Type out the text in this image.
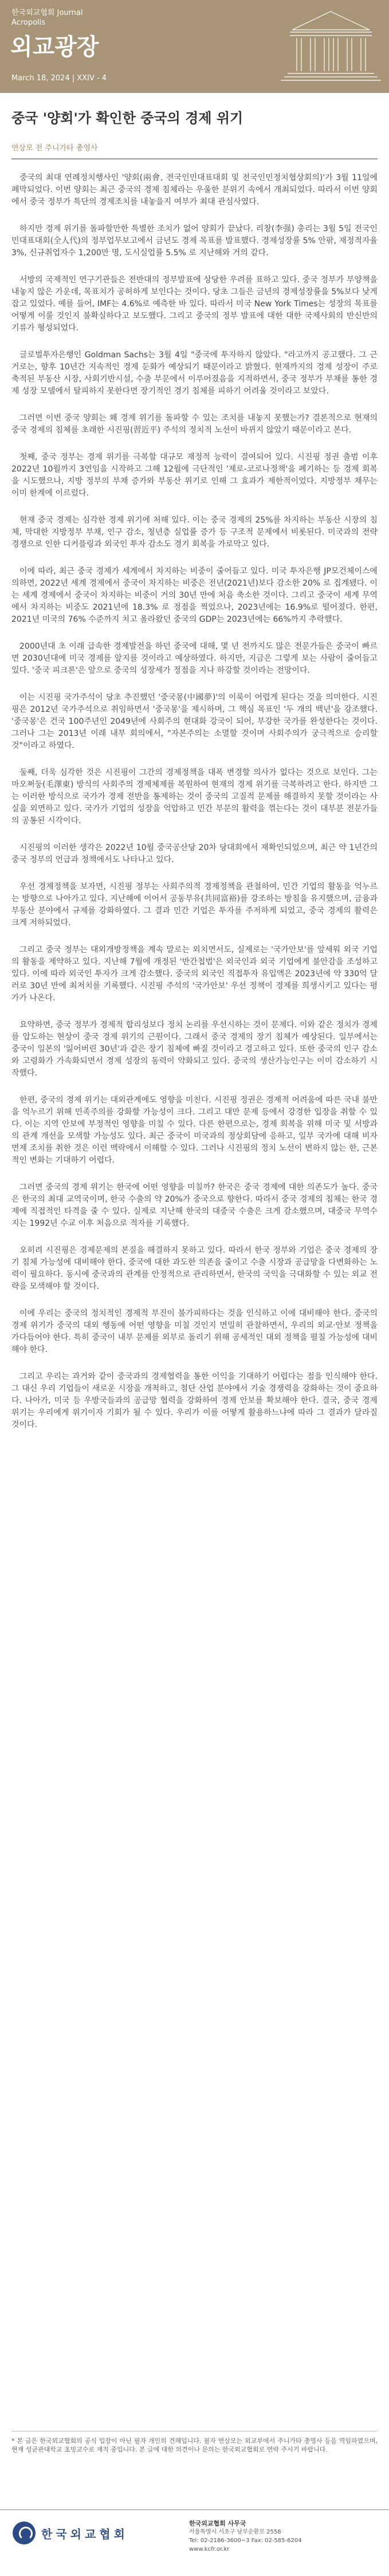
한국외교협회 Journal
Acropolis
외교광장
March 18, 2024 | XXIV - 4
중국 '양회'가 확인한 중국의 경제 위기
연상모 전 주니가타 총영사

중국의 최대 연례정치행사인 '양회(兩會, 전국인민대표대회 및 전국인민정치협상회의)'가 3월 11일에 폐막되었다. 이번 양회는 최근 중국의 경제 침체라는 우울한 분위기 속에서 개최되었다. 따라서 이번 양회에서 중국 정부가 특단의 경제조치를 내놓을지 여부가 최대 관심사였다.

하지만 경제 위기를 돌파할만한 특별한 조치가 없어 양회가 끝났다. 리창(李强) 총리는 3월 5일 전국인민대표대회(全人代)의 정부업무보고에서 금년도 경제 목표를 발표했다. 경제성장률 5% 안팎, 재정적자율 3%, 신규취업자수 1,200만 명, 도시실업률 5.5% 로 지난해와 거의 같다.

서방의 국제적인 연구기관들은 전반대의 정부발표에 상당한 우려를 표하고 있다. 중국 정부가 부양책을 내놓지 않은 가운데, 목표치가 공허하게 보인다는 것이다. 당초 그들은 금년의 경제성장률을 5%보다 낮게 잡고 있었다. 예를 들어, IMF는 4.6%로 예측한 바 있다. 따라서 미국 New York Times는 성장의 목표를 어떻게 이룰 것인지 불확실하다고 보도했다. 그리고 중국의 정부 발표에 대한 대한 국제사회의 반신반의 기류가 형성되었다.

글로벌투자은행인 Goldman Sachs는 3월 4일 "중국에 투자하지 않았다. "라고까지 공고했다. 그 근거로는, 향후 10년간 지속적인 경제 둔화가 예상되기 때문이라고 밝혔다. 현재까지의 경제 성장이 주로 축적된 부동산 시장, 사회기반시설, 수출 부문에서 이루어졌음을 지적하면서, 중국 정부가 부채를 통한 경제 성장 모델에서 탈피하지 못한다면 장기적인 경기 침체를 피하기 어려울 것이라고 보았다.

그러면 이번 중국 양회는 왜 경제 위기를 돌파할 수 있는 조치를 내놓지 못했는가? 결론적으로 현재의 중국 경제의 침체를 초래한 시진핑(習近平) 주석의 정치적 노선이 바뀌지 않았기 때문이라고 본다.

첫째, 중국 정부는 경제 위기를 극복할 대규모 재정적 능력이 결여되어 있다. 시진핑 정권 출범 이후 2022년 10월까지 3연임을 시작하고 그해 12월에 극단적인 '제로-코로나정책'을 폐기하는 등 경제 회복을 시도했으나, 지방 정부의 부채 증가와 부동산 위기로 인해 그 효과가 제한적이었다. 지방정부 채무는 이미 한계에 이르렀다.

현재 중국 경제는 심각한 경제 위기에 처해 있다. 이는 중국 경제의 25%를 차지하는 부동산 시장의 침체, 막대한 지방정부 부채, 인구 감소, 청년층 실업률 증가 등 구조적 문제에서 비롯된다. 미국과의 전략 경쟁으로 인한 디커플링과 외국인 투자 감소도 경기 회복을 가로막고 있다.

이에 따라, 최근 중국 경제가 세계에서 차지하는 비중이 줄어들고 있다. 미국 투자은행 JP모건체이스에 의하면, 2022년 세계 경제에서 중국이 차지하는 비중은 전년(2021년)보다 감소한 20% 로 집계됐다. 이는 세계 경제에서 중국이 차지하는 비중이 거의 30년 만에 처음 축소한 것이다. 그리고 중국이 세계 무역에서 차지하는 비중도 2021년에 18.3% 로 정점을 찍었으나, 2023년에는 16.9%로 떨어졌다. 한편, 2021년 미국의 76% 수준까지 치고 올라왔던 중국의 GDP는 2023년에는 66%까지 추락했다.

2000년대 초 이래 급속한 경제발전을 하던 중국에 대해, 몇 년 전까지도 많은 전문가들은 중국이 빠르면 2030년대에 미국 경제를 앞지를 것이라고 예상하였다. 하지만, 지금은 그렇게 보는 사람이 줄어들고 있다. '중국 피크론'은 앞으로 중국의 성장세가 정점을 지나 하강할 것이라는 전망이다.

이는 시진핑 국가주석이 당초 추진했던 '중국몽(中國夢)'의 이룩이 어렵게 된다는 것을 의미한다. 시진핑은 2012년 국가주석으로 취임하면서 '중국몽'을 제시하며, 그 핵심 목표인 '두 개의 백년'을 강조했다. '중국몽'은 건국 100주년인 2049년에 사회주의 현대화 강국이 되어, 부강한 국가를 완성한다는 것이다. 그러나 그는 2013년 이래 내부 회의에서, "자본주의는 소멸할 것이며 사회주의가 궁극적으로 승리할 것"이라고 하였다.

둘째, 더욱 심각한 것은 시진핑이 그간의 경제정책을 대폭 변경할 의사가 없다는 것으로 보인다. 그는 마오쩌둥(毛澤東) 방식의 사회주의 경제체제를 복원하여 현재의 경제 위기를 극복하려고 한다. 하지만 그는 이러한 방식으로 국가가 경제 전반을 통제하는 것이 중국의 고질적 문제를 해결하지 못할 것이라는 사실을 외면하고 있다. 국가가 기업의 성장을 억압하고 민간 부문의 활력을 꺾는다는 것이 대부분 전문가들의 공통된 시각이다.

시진핑의 이러한 생각은 2022년 10월 중국공산당 20차 당대회에서 재확인되었으며, 최근 약 1년간의 중국 정부의 언급과 정책에서도 나타나고 있다.

우선 경제정책을 보자면, 시진핑 정부는 사회주의적 경제정책을 관철하여, 민간 기업의 활동을 억누르는 방향으로 나아가고 있다. 지난해에 이어서 공동부유(共同富裕)를 강조하는 방침을 유지했으며, 금융과 부동산 분야에서 규제를 강화하였다. 그 결과 민간 기업은 투자를 주저하게 되었고, 중국 경제의 활력은 크게 저하되었다.

그리고 중국 정부는 대외개방정책을 계속 말로는 외치면서도, 실제로는 '국가안보'를 앞세워 외국 기업의 활동을 제약하고 있다. 지난해 7월에 개정된 '반간첩법'은 외국인과 외국 기업에게 불안감을 조성하고 있다. 이에 따라 외국인 투자가 크게 감소했다. 중국의 외국인 직접투자 유입액은 2023년에 약 330억 달러로 30년 만에 최저치를 기록했다. 시진핑 주석의 '국가안보' 우선 정책이 경제를 희생시키고 있다는 평가가 나온다.

요약하면, 중국 정부가 경제적 합리성보다 정치 논리를 우선시하는 것이 문제다. 이와 같은 정치가 경제를 압도하는 현상이 중국 경제 위기의 근원이다. 그래서 중국 경제의 장기 침체가 예상된다. 일부에서는 중국이 일본의 '잃어버린 30년'과 같은 장기 침체에 빠질 것이라고 경고하고 있다. 또한 중국의 인구 감소와 고령화가 가속화되면서 경제 성장의 동력이 약화되고 있다. 중국의 생산가능인구는 이미 감소하기 시작했다.

한편, 중국의 경제 위기는 대외관계에도 영향을 미친다. 시진핑 정권은 경제적 어려움에 따른 국내 불만을 억누르기 위해 민족주의를 강화할 가능성이 크다. 그리고 대만 문제 등에서 강경한 입장을 취할 수 있다. 이는 지역 안보에 부정적인 영향을 미칠 수 있다. 다른 한편으로는, 경제 회복을 위해 미국 및 서방과의 관계 개선을 모색할 가능성도 있다. 최근 중국이 미국과의 정상회담에 응하고, 일부 국가에 대해 비자 면제 조치를 취한 것은 이런 맥락에서 이해할 수 있다. 그러나 시진핑의 정치 노선이 변하지 않는 한, 근본적인 변화는 기대하기 어렵다.

그러면 중국의 경제 위기는 한국에 어떤 영향을 미칠까? 한국은 중국 경제에 대한 의존도가 높다. 중국은 한국의 최대 교역국이며, 한국 수출의 약 20%가 중국으로 향한다. 따라서 중국 경제의 침체는 한국 경제에 직접적인 타격을 줄 수 있다. 실제로 지난해 한국의 대중국 수출은 크게 감소했으며, 대중국 무역수지는 1992년 수교 이후 처음으로 적자를 기록했다.

오히려 시진핑은 경제문제의 본질을 해결하지 못하고 있다. 따라서 한국 정부와 기업은 중국 경제의 장기 침체 가능성에 대비해야 한다. 중국에 대한 과도한 의존을 줄이고 수출 시장과 공급망을 다변화하는 노력이 필요하다. 동시에 중국과의 관계를 안정적으로 관리하면서, 한국의 국익을 극대화할 수 있는 외교 전략을 모색해야 할 것이다.

이에 우리는 중국의 정치적인 경제적 부진이 불가피하다는 것을 인식하고 이에 대비해야 한다. 중국의 경제 위기가 중국의 대외 행동에 어떤 영향을 미칠 것인지 면밀히 관찰하면서, 우리의 외교·안보 정책을 가다듬어야 한다. 특히 중국이 내부 문제를 외부로 돌리기 위해 공세적인 대외 정책을 펼칠 가능성에 대비해야 한다.

그리고 우리는 과거와 같이 중국과의 경제협력을 통한 이익을 기대하기 어렵다는 점을 인식해야 한다. 그 대신 우리 기업들이 새로운 시장을 개척하고, 첨단 산업 분야에서 기술 경쟁력을 강화하는 것이 중요하다. 나아가, 미국 등 우방국들과의 공급망 협력을 강화하여 경제 안보를 확보해야 한다. 결국, 중국 경제 위기는 우리에게 위기이자 기회가 될 수 있다. 우리가 이를 어떻게 활용하느냐에 따라 그 결과가 달라질 것이다.

* 본 글은 한국외교협회의 공식 입장이 아닌 필자 개인의 견해입니다. 필자 연상모는 외교부에서 주니가타 총영사 등을 역임하였으며, 현재 성균관대학교 초빙교수로 재직 중입니다. 본 글에 대한 의견이나 문의는 한국외교협회로 연락 주시기 바랍니다.
한국외교협회
한국외교협회 사무국
서울특별시 서초구 남부순환로 2558
Tel: 02-2186-3600~3 Fax: 02-585-6204
www.kcfr.or.kr
